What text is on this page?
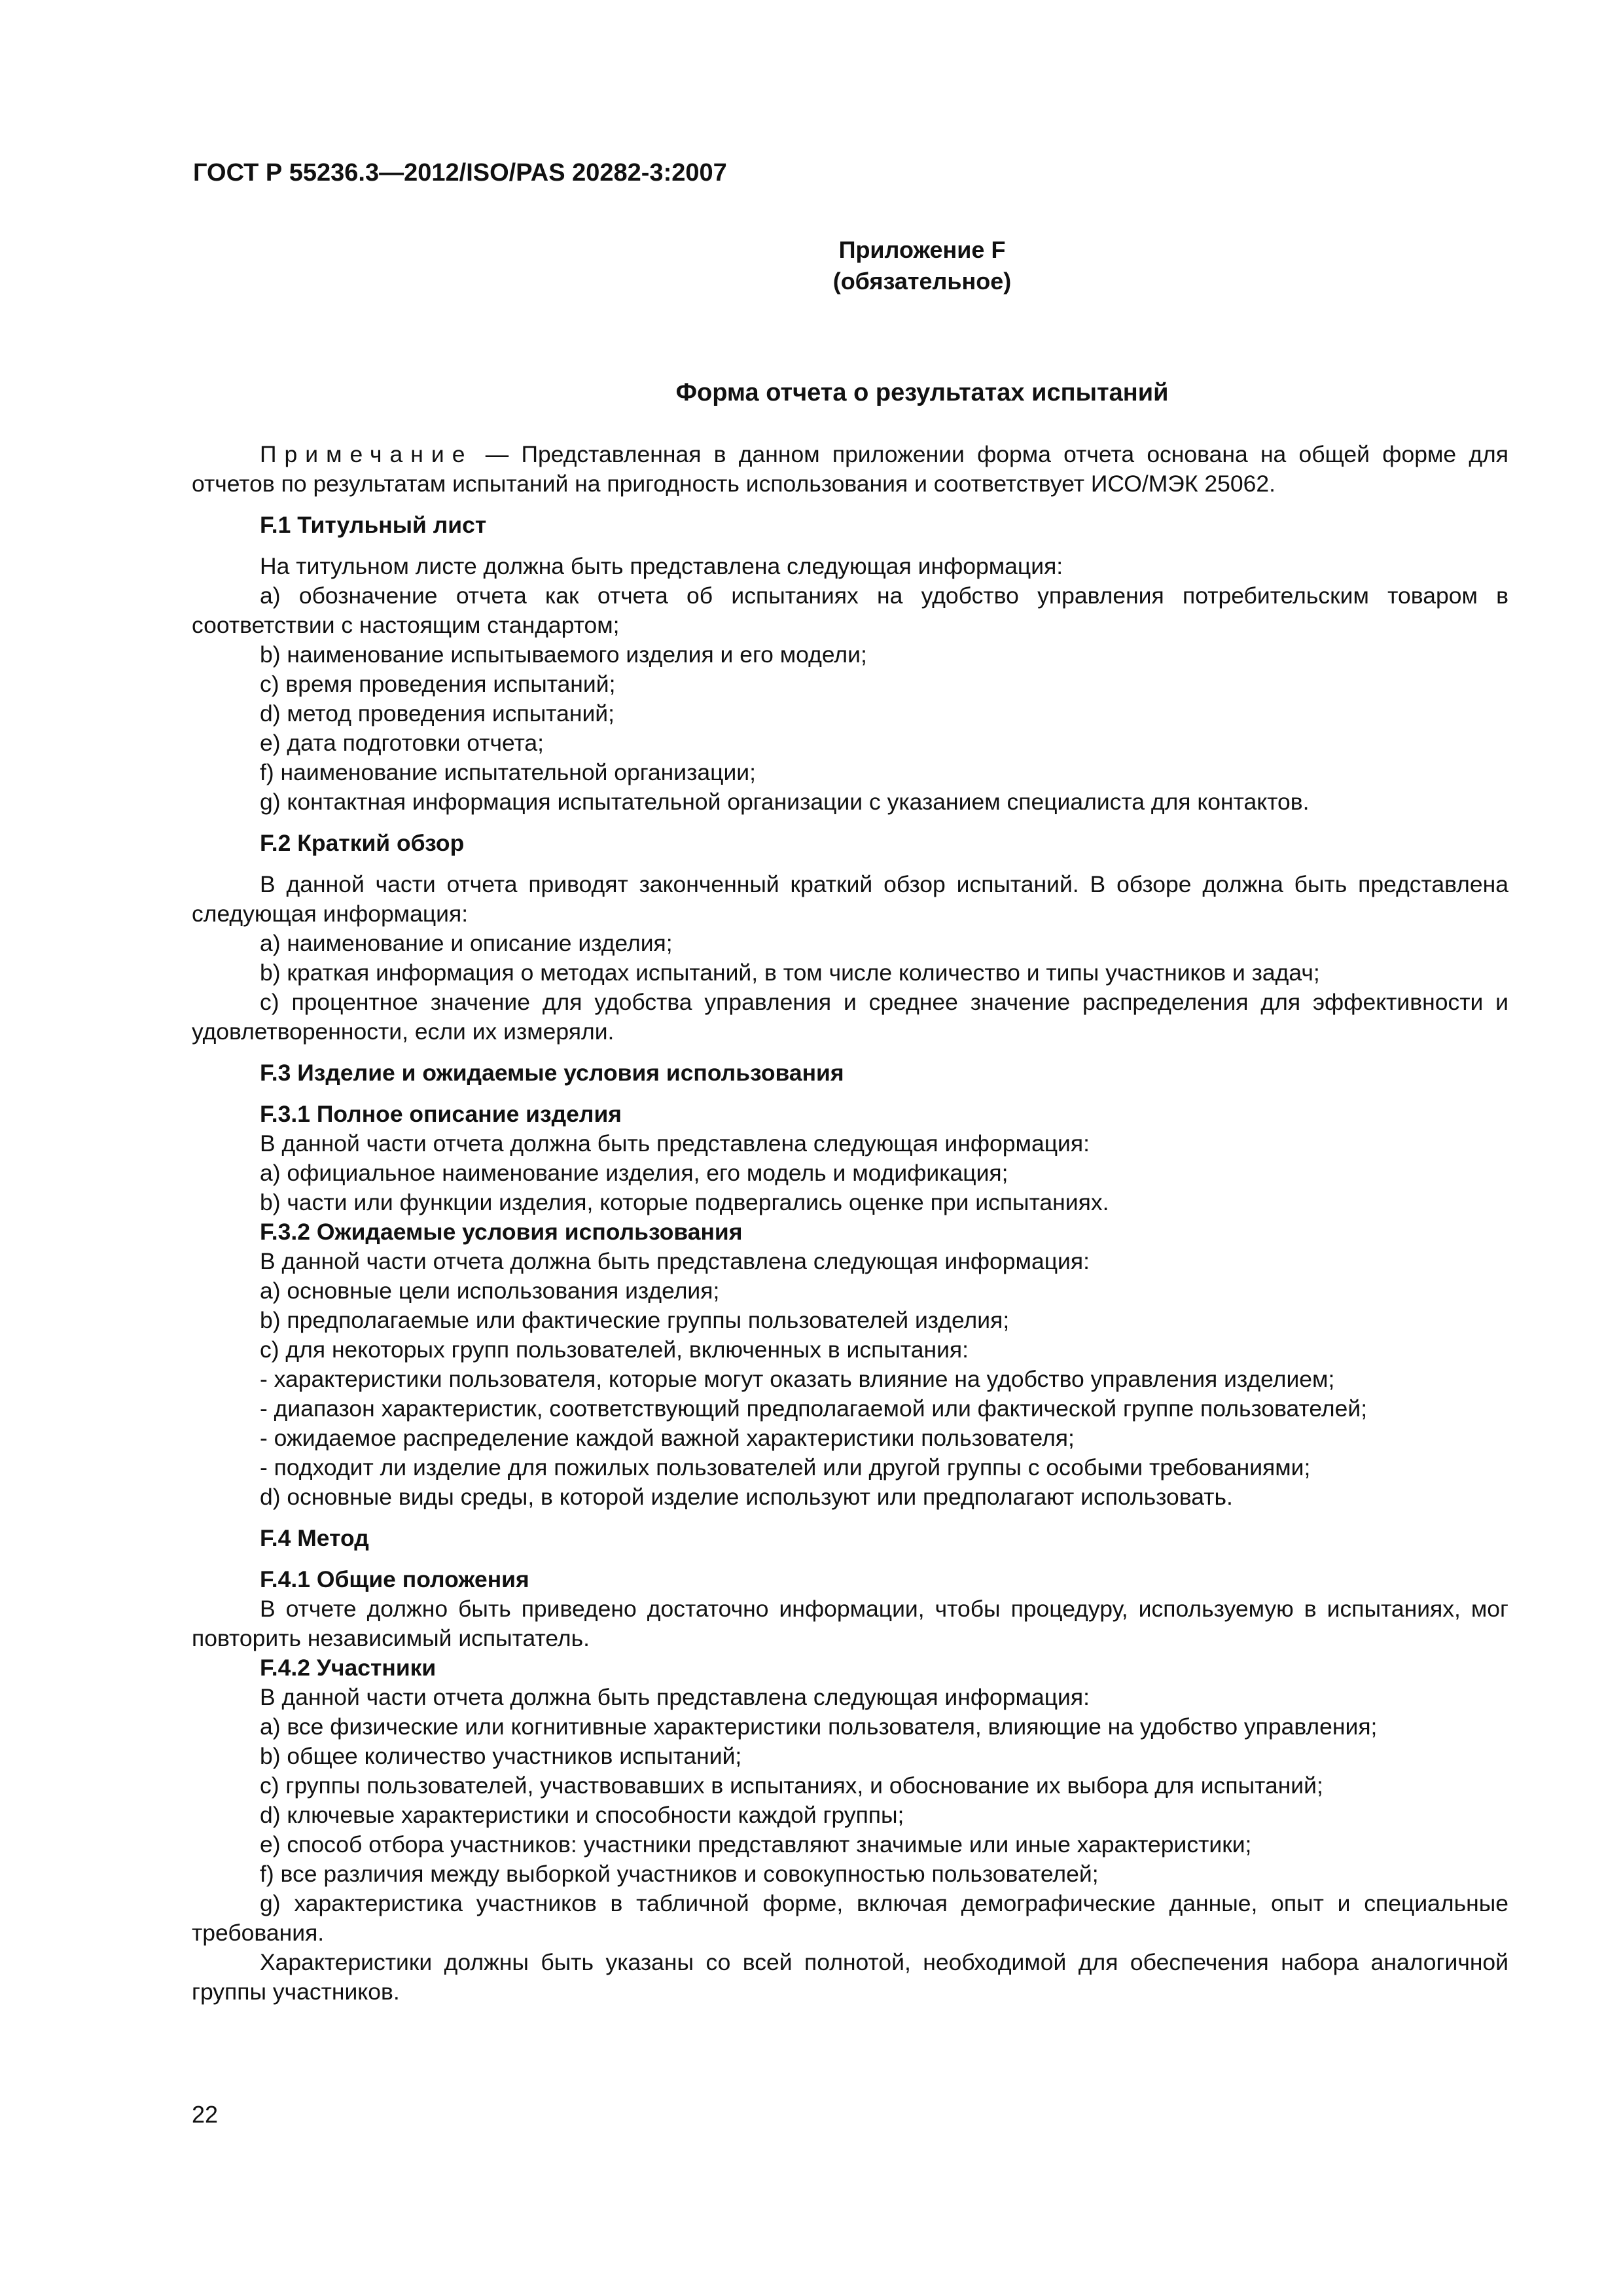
ГОСТ Р 55236.3—2012/ISO/PAS 20282-3:2007
Приложение F
(обязательное)
Форма отчета о результатах испытаний
Примечание — Представленная в данном приложении форма отчета основана на общей форме для отчетов по результатам испытаний на пригодность использования и соответствует ИСО/МЭК 25062.
F.1 Титульный лист
На титульном листе должна быть представлена следующая информация:
a) обозначение отчета как отчета об испытаниях на удобство управления потребительским товаром в соответствии с настоящим стандартом;
b) наименование испытываемого изделия и его модели;
c) время проведения испытаний;
d) метод проведения испытаний;
e) дата подготовки отчета;
f) наименование испытательной организации;
g) контактная информация испытательной организации с указанием специалиста для контактов.
F.2 Краткий обзор
В данной части отчета приводят законченный краткий обзор испытаний. В обзоре должна быть представлена следующая информация:
a) наименование и описание изделия;
b) краткая информация о методах испытаний, в том числе количество и типы участников и задач;
c) процентное значение для удобства управления и среднее значение распределения для эффективности и удовлетворенности, если их измеряли.
F.3 Изделие и ожидаемые условия использования
F.3.1 Полное описание изделия
В данной части отчета должна быть представлена следующая информация:
a) официальное наименование изделия, его модель и модификация;
b) части или функции изделия, которые подвергались оценке при испытаниях.
F.3.2 Ожидаемые условия использования
В данной части отчета должна быть представлена следующая информация:
a) основные цели использования изделия;
b) предполагаемые или фактические группы пользователей изделия;
c) для некоторых групп пользователей, включенных в испытания:
- характеристики пользователя, которые могут оказать влияние на удобство управления изделием;
- диапазон характеристик, соответствующий предполагаемой или фактической группе пользователей;
- ожидаемое распределение каждой важной характеристики пользователя;
- подходит ли изделие для пожилых пользователей или другой группы с особыми требованиями;
d) основные виды среды, в которой изделие используют или предполагают использовать.
F.4 Метод
F.4.1 Общие положения
В отчете должно быть приведено достаточно информации, чтобы процедуру, используемую в испытаниях, мог повторить независимый испытатель.
F.4.2 Участники
В данной части отчета должна быть представлена следующая информация:
a) все физические или когнитивные характеристики пользователя, влияющие на удобство управления;
b) общее количество участников испытаний;
c) группы пользователей, участвовавших в испытаниях, и обоснование их выбора для испытаний;
d) ключевые характеристики и способности каждой группы;
e) способ отбора участников: участники представляют значимые или иные характеристики;
f) все различия между выборкой участников и совокупностью пользователей;
g) характеристика участников в табличной форме, включая демографические данные, опыт и специальные требования.
Характеристики должны быть указаны со всей полнотой, необходимой для обеспечения набора аналогичной группы участников.
22
